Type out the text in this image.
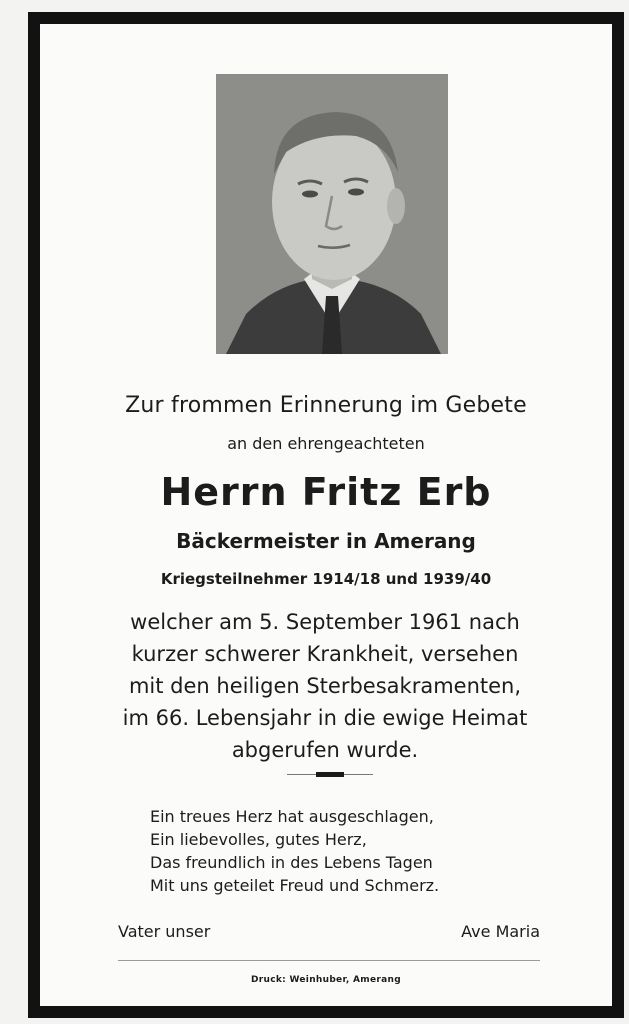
Zur frommen Erinnerung im Gebete
an den ehrengeachteten
Herrn Fritz Erb
Bäckermeister in Amerang
Kriegsteilnehmer 1914/18 und 1939/40
welcher am 5. September 1961 nach
kurzer schwerer Krankheit, versehen
mit den heiligen Sterbesakramenten,
im 66. Lebensjahr in die ewige Heimat
abgerufen wurde.
Ein treues Herz hat ausgeschlagen,
Ein liebevolles, gutes Herz,
Das freundlich in des Lebens Tagen
Mit uns geteilet Freud und Schmerz.
Vater unser	Ave Maria
Druck: Weinhuber, Amerang
